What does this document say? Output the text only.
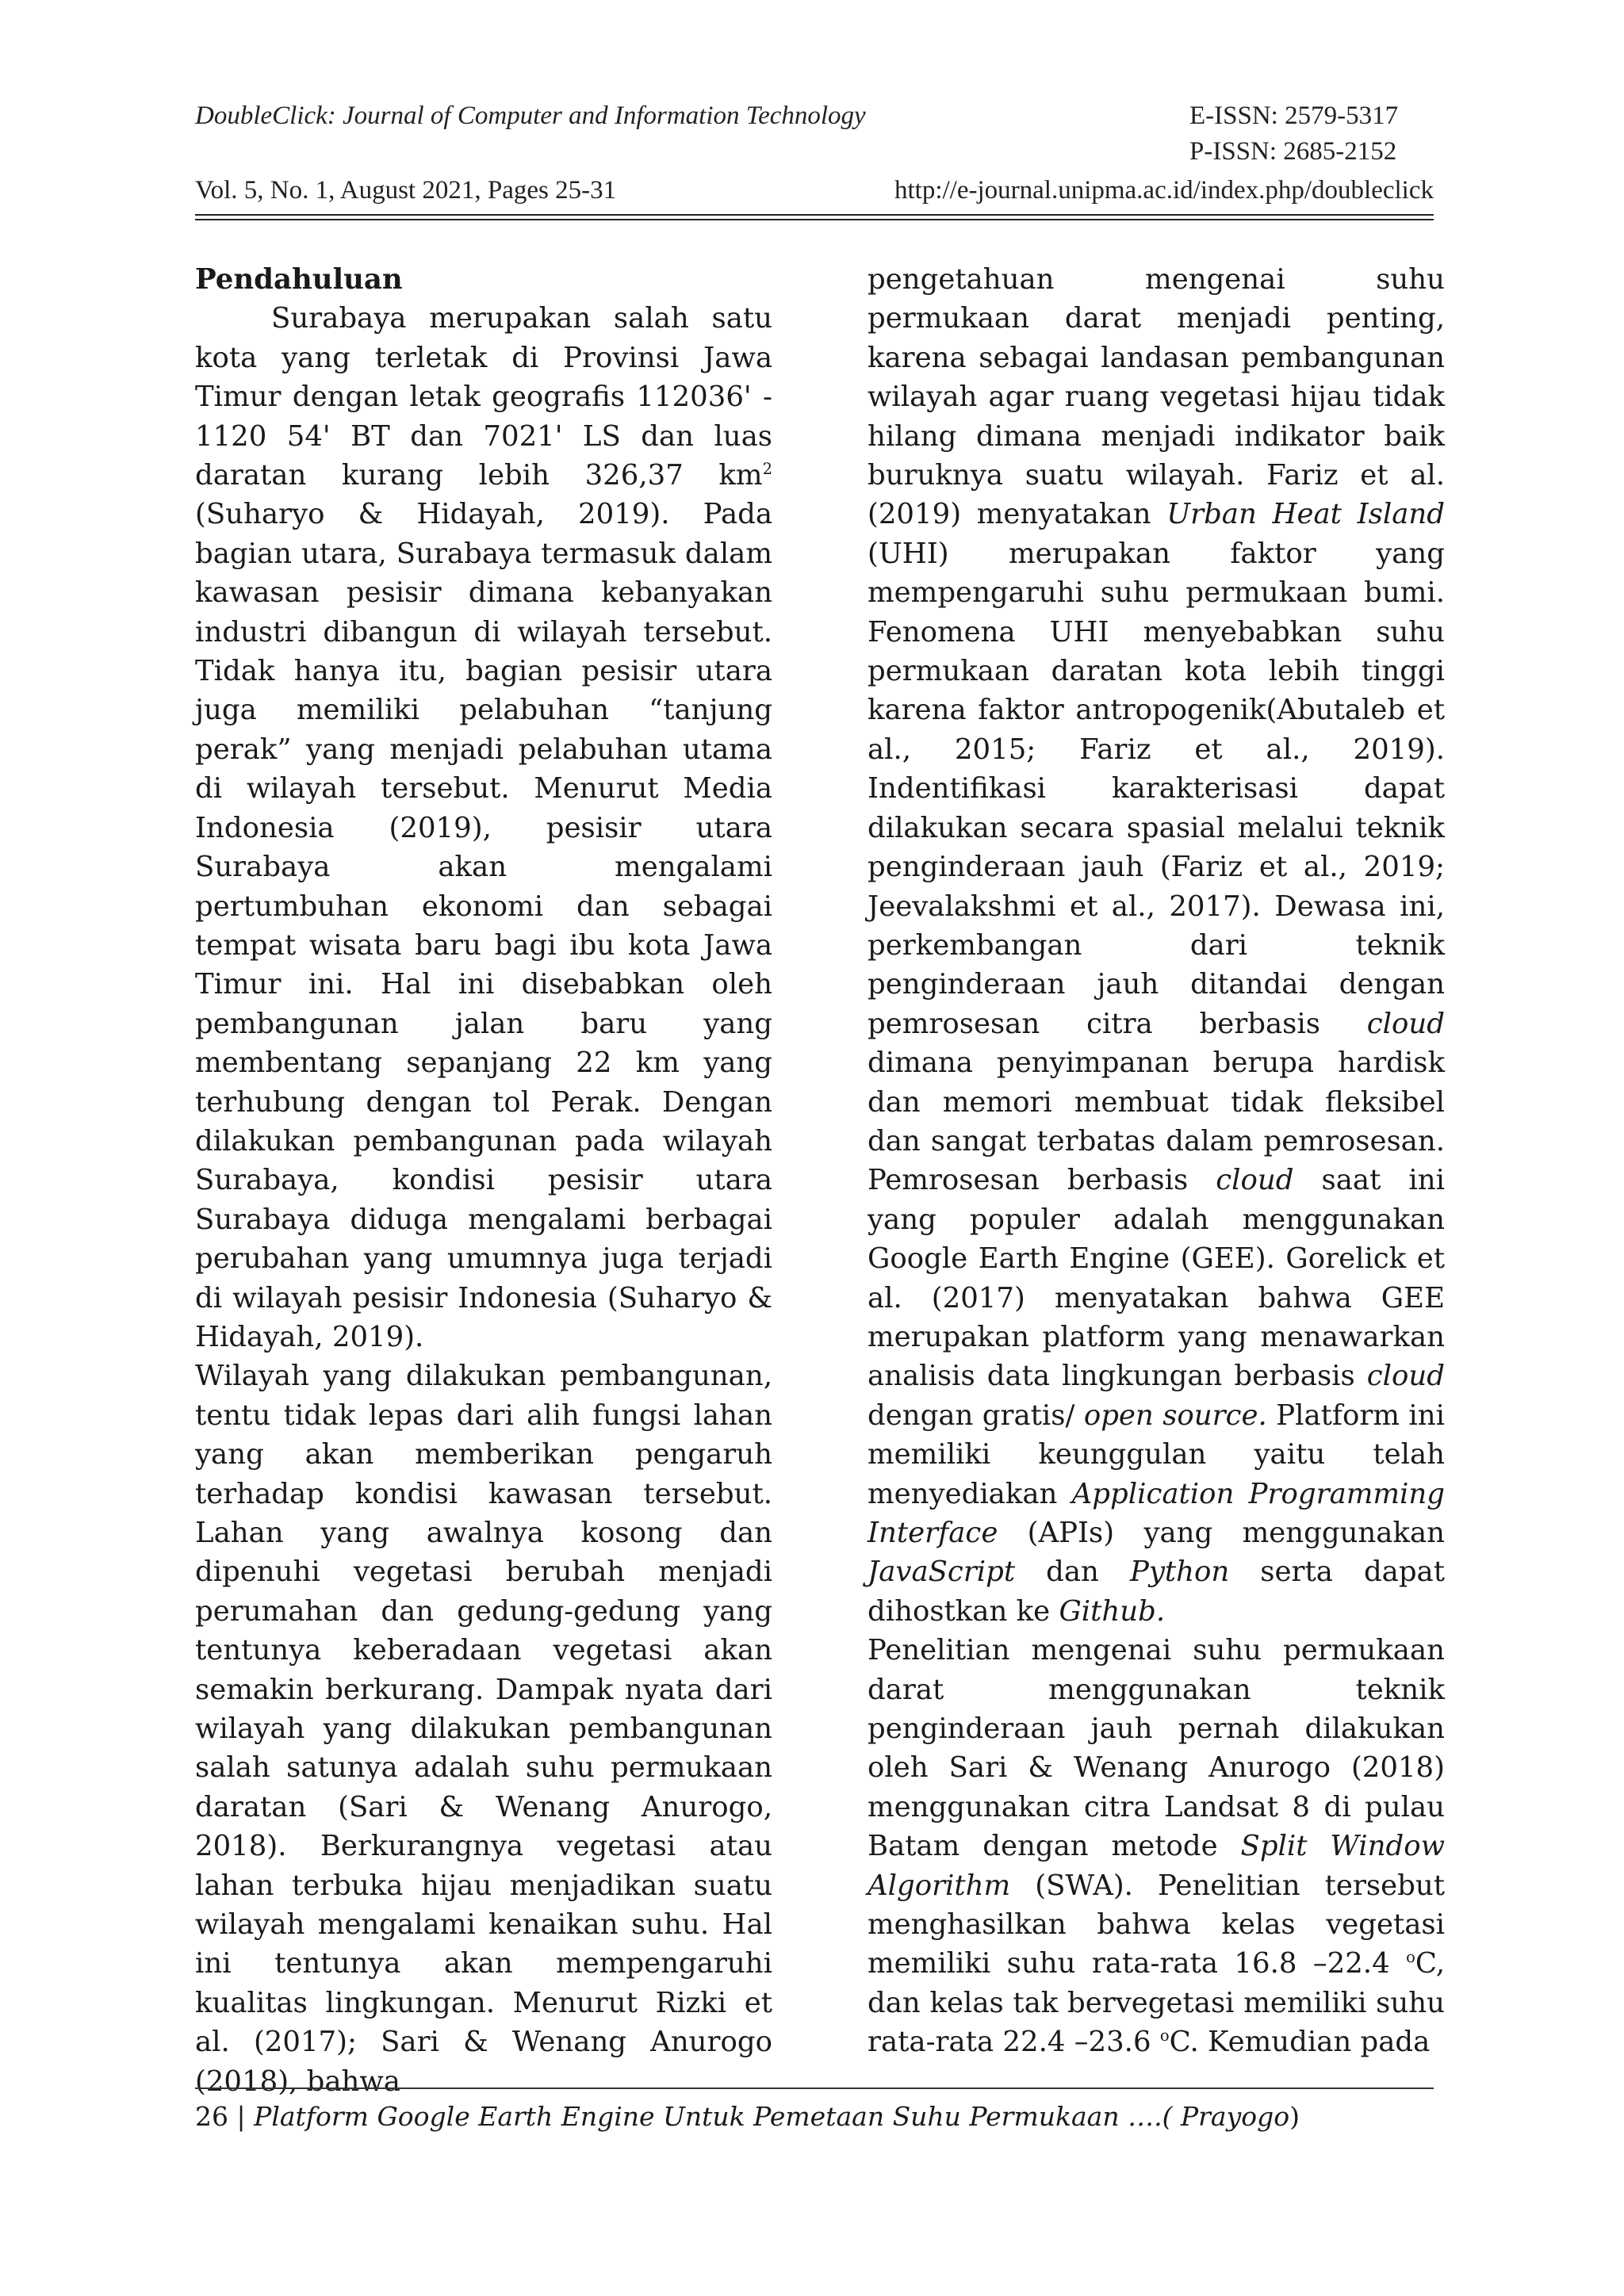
DoubleClick: Journal of Computer and Information Technology	E-ISSN: 2579-5317
P-ISSN: 2685-2152
Vol. 5, No. 1, August 2021, Pages 25-31	http://e-journal.unipma.ac.id/index.php/doubleclick
Pendahuluan

Surabaya merupakan salah satu kota yang terletak di Provinsi Jawa Timur dengan letak geografis 112036' - 1120 54' BT dan 7021' LS dan luas daratan kurang lebih 326,37 $km^2$ (Suharyo & Hidayah, 2019). Pada bagian utara, Surabaya termasuk dalam kawasan pesisir dimana kebanyakan industri dibangun di wilayah tersebut. Tidak hanya itu, bagian pesisir utara juga memiliki pelabuhan “tanjung perak” yang menjadi pelabuhan utama di wilayah tersebut. Menurut Media Indonesia (2019), pesisir utara Surabaya akan mengalami pertumbuhan ekonomi dan sebagai tempat wisata baru bagi ibu kota Jawa Timur ini. Hal ini disebabkan oleh pembangunan jalan baru yang membentang sepanjang 22 km yang terhubung dengan tol Perak. Dengan dilakukan pembangunan pada wilayah Surabaya, kondisi pesisir utara Surabaya diduga mengalami berbagai perubahan yang umumnya juga terjadi di wilayah pesisir Indonesia (Suharyo & Hidayah, 2019).

Wilayah yang dilakukan pembangunan, tentu tidak lepas dari alih fungsi lahan yang akan memberikan pengaruh terhadap kondisi kawasan tersebut. Lahan yang awalnya kosong dan dipenuhi vegetasi berubah menjadi perumahan dan gedung-gedung yang tentunya keberadaan vegetasi akan semakin berkurang. Dampak nyata dari wilayah yang dilakukan pembangunan salah satunya adalah suhu permukaan daratan (Sari & Wenang Anurogo, 2018). Berkurangnya vegetasi atau lahan terbuka hijau menjadikan suatu wilayah mengalami kenaikan suhu. Hal ini tentunya akan mempengaruhi kualitas lingkungan. Menurut Rizki et al. (2017); Sari & Wenang Anurogo (2018), bahwa

pengetahuan mengenai suhu permukaan darat menjadi penting, karena sebagai landasan pembangunan wilayah agar ruang vegetasi hijau tidak hilang dimana menjadi indikator baik buruknya suatu wilayah. Fariz et al. (2019) menyatakan Urban Heat Island (UHI) merupakan faktor yang mempengaruhi suhu permukaan bumi. Fenomena UHI menyebabkan suhu permukaan daratan kota lebih tinggi karena faktor antropogenik(Abutaleb et al., 2015; Fariz et al., 2019). Indentifikasi karakterisasi dapat dilakukan secara spasial melalui teknik penginderaan jauh (Fariz et al., 2019; Jeevalakshmi et al., 2017). Dewasa ini, perkembangan dari teknik penginderaan jauh ditandai dengan pemrosesan citra berbasis cloud dimana penyimpanan berupa hardisk dan memori membuat tidak fleksibel dan sangat terbatas dalam pemrosesan. Pemrosesan berbasis cloud saat ini yang populer adalah menggunakan Google Earth Engine (GEE). Gorelick et al. (2017) menyatakan bahwa GEE merupakan platform yang menawarkan analisis data lingkungan berbasis cloud dengan gratis/ open source. Platform ini memiliki keunggulan yaitu telah menyediakan Application Programming Interface (APIs) yang menggunakan JavaScript dan Python serta dapat dihostkan ke Github.

Penelitian mengenai suhu permukaan darat menggunakan teknik penginderaan jauh pernah dilakukan oleh Sari & Wenang Anurogo (2018) menggunakan citra Landsat 8 di pulau Batam dengan metode Split Window Algorithm (SWA). Penelitian tersebut menghasilkan bahwa kelas vegetasi memiliki suhu rata-rata 16.8 –22.4 $^o$C, dan kelas tak bervegetasi memiliki suhu rata-rata 22.4 –23.6 $^o$C. Kemudian pada

26 | Platform Google Earth Engine Untuk Pemetaan Suhu Permukaan ….( Prayogo)
